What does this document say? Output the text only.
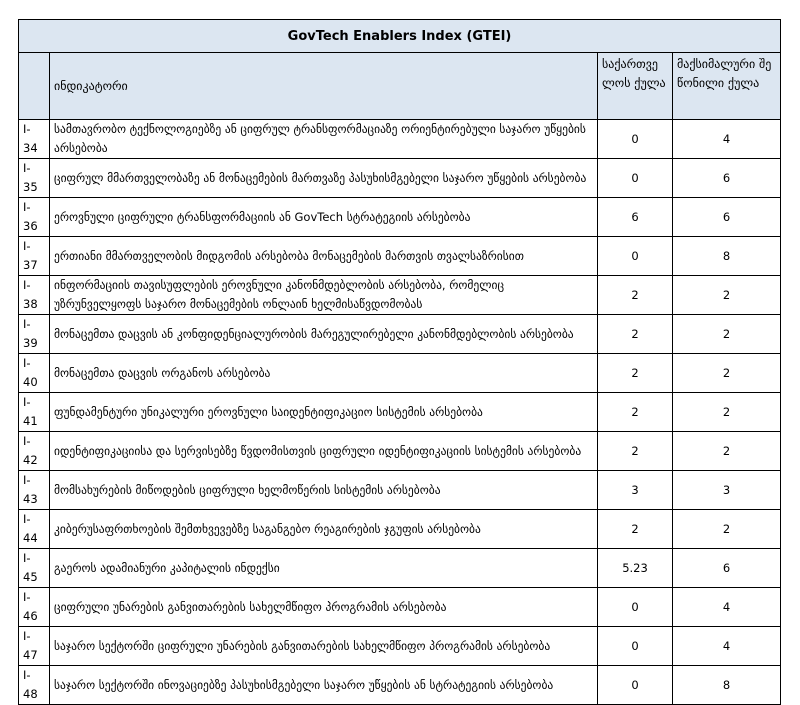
GovTech Enablers Index (GTEI)			
	ინდიკატორი	საქართველოს ქულა	მაქსიმალური შეწონილი ქულა
I-34	სამთავრობო ტექნოლოგიებზე ან ციფრულ ტრანსფორმაციაზე ორიენტირებული საჯარო უწყების არსებობა	0	4
I-35	ციფრულ მმართველობაზე ან მონაცემების მართვაზე პასუხისმგებელი საჯარო უწყების არსებობა	0	6
I-36	ეროვნული ციფრული ტრანსფორმაციის ან GovTech სტრატეგიის არსებობა	6	6
I-37	ერთიანი მმართველობის მიდგომის არსებობა მონაცემების მართვის თვალსაზრისით	0	8
I-38	ინფორმაციის თავისუფლების ეროვნული კანონმდებლობის არსებობა, რომელიც უზრუნველყოფს საჯარო მონაცემების ონლაინ ხელმისაწვდომობას	2	2
I-39	მონაცემთა დაცვის ან კონფიდენციალურობის მარეგულირებელი კანონმდებლობის არსებობა	2	2
I-40	მონაცემთა დაცვის ორგანოს არსებობა	2	2
I-41	ფუნდამენტური უნიკალური ეროვნული საიდენტიფიკაციო სისტემის არსებობა	2	2
I-42	იდენტიფიკაციისა და სერვისებზე წვდომისთვის ციფრული იდენტიფიკაციის სისტემის არსებობა	2	2
I-43	მომსახურების მიწოდების ციფრული ხელმოწერის სისტემის არსებობა	3	3
I-44	კიბერუსაფრთხოების შემთხვევებზე საგანგებო რეაგირების ჯგუფის არსებობა	2	2
I-45	გაეროს ადამიანური კაპიტალის ინდექსი	5.23	6
I-46	ციფრული უნარების განვითარების სახელმწიფო პროგრამის არსებობა	0	4
I-47	საჯარო სექტორში ციფრული უნარების განვითარების სახელმწიფო პროგრამის არსებობა	0	4
I-48	საჯარო სექტორში ინოვაციებზე პასუხისმგებელი საჯარო უწყების ან სტრატეგიის არსებობა	0	8
